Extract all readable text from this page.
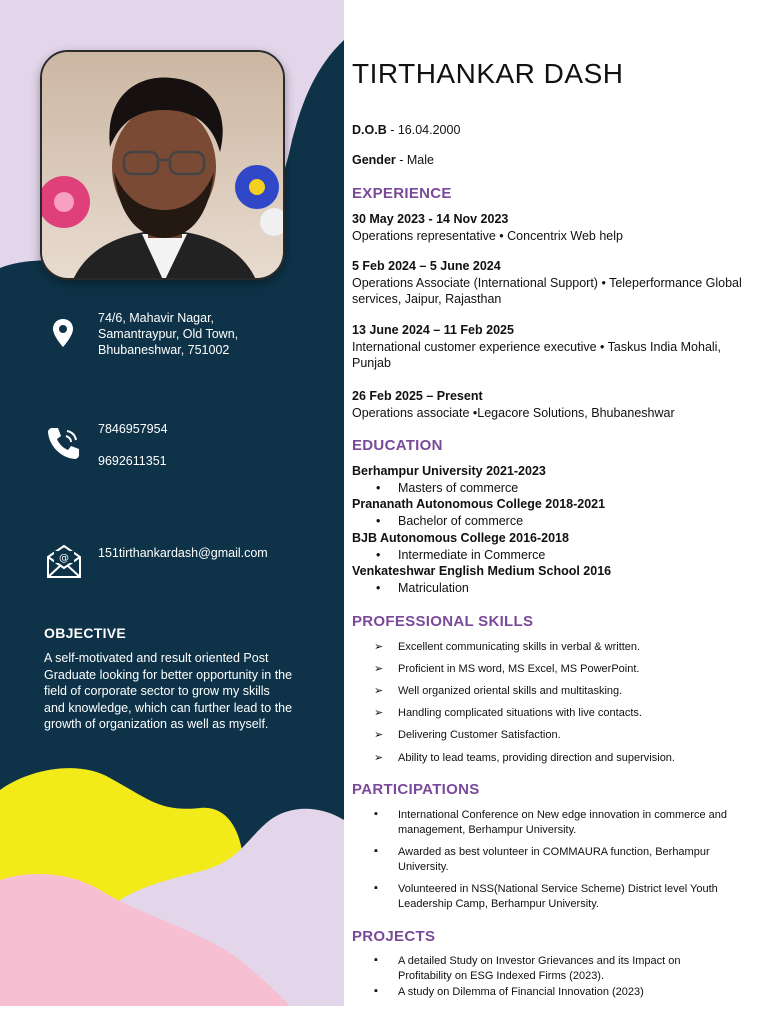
74/6, Mahavir Nagar,
Samantraypur, Old Town,
Bhubaneshwar, 751002
7846957954
9692611351
@ 151tirthankardash@gmail.com
OBJECTIVE
A self-motivated and result oriented Post Graduate looking for better opportunity in the field of corporate sector to grow my skills and knowledge, which can further lead to the growth of organization as well as myself.
TIRTHANKAR DASH
D.O.B - 16.04.2000
Gender - Male
EXPERIENCE
30 May 2023 - 14 Nov 2023
Operations representative • Concentrix Web help
5 Feb 2024 – 5 June 2024
Operations Associate (International Support) • Teleperformance Global services, Jaipur, Rajasthan
13 June 2024 – 11 Feb 2025
International customer experience executive • Taskus India Mohali, Punjab
26 Feb 2025 – Present
Operations associate •Legacore Solutions, Bhubaneshwar
EDUCATION
Berhampur University 2021-2023
• Masters of commerce
Prananath Autonomous College 2018-2021
• Bachelor of commerce
BJB Autonomous College 2016-2018
• Intermediate in Commerce
Venkateshwar English Medium School 2016
• Matriculation
PROFESSIONAL SKILLS
➢ Excellent communicating skills in verbal & written.
➢ Proficient in MS word, MS Excel, MS PowerPoint.
➢ Well organized oriental skills and multitasking.
➢ Handling complicated situations with live contacts.
➢ Delivering Customer Satisfaction.
➢ Ability to lead teams, providing direction and supervision.
PARTICIPATIONS
▪ International Conference on New edge innovation in commerce and management, Berhampur University.
▪ Awarded as best volunteer in COMMAURA function, Berhampur University.
▪ Volunteered in NSS(National Service Scheme) District level Youth Leadership Camp, Berhampur University.
PROJECTS
▪ A detailed Study on Investor Grievances and its Impact on Profitability on ESG Indexed Firms (2023).
▪ A study on Dilemma of Financial Innovation (2023)
